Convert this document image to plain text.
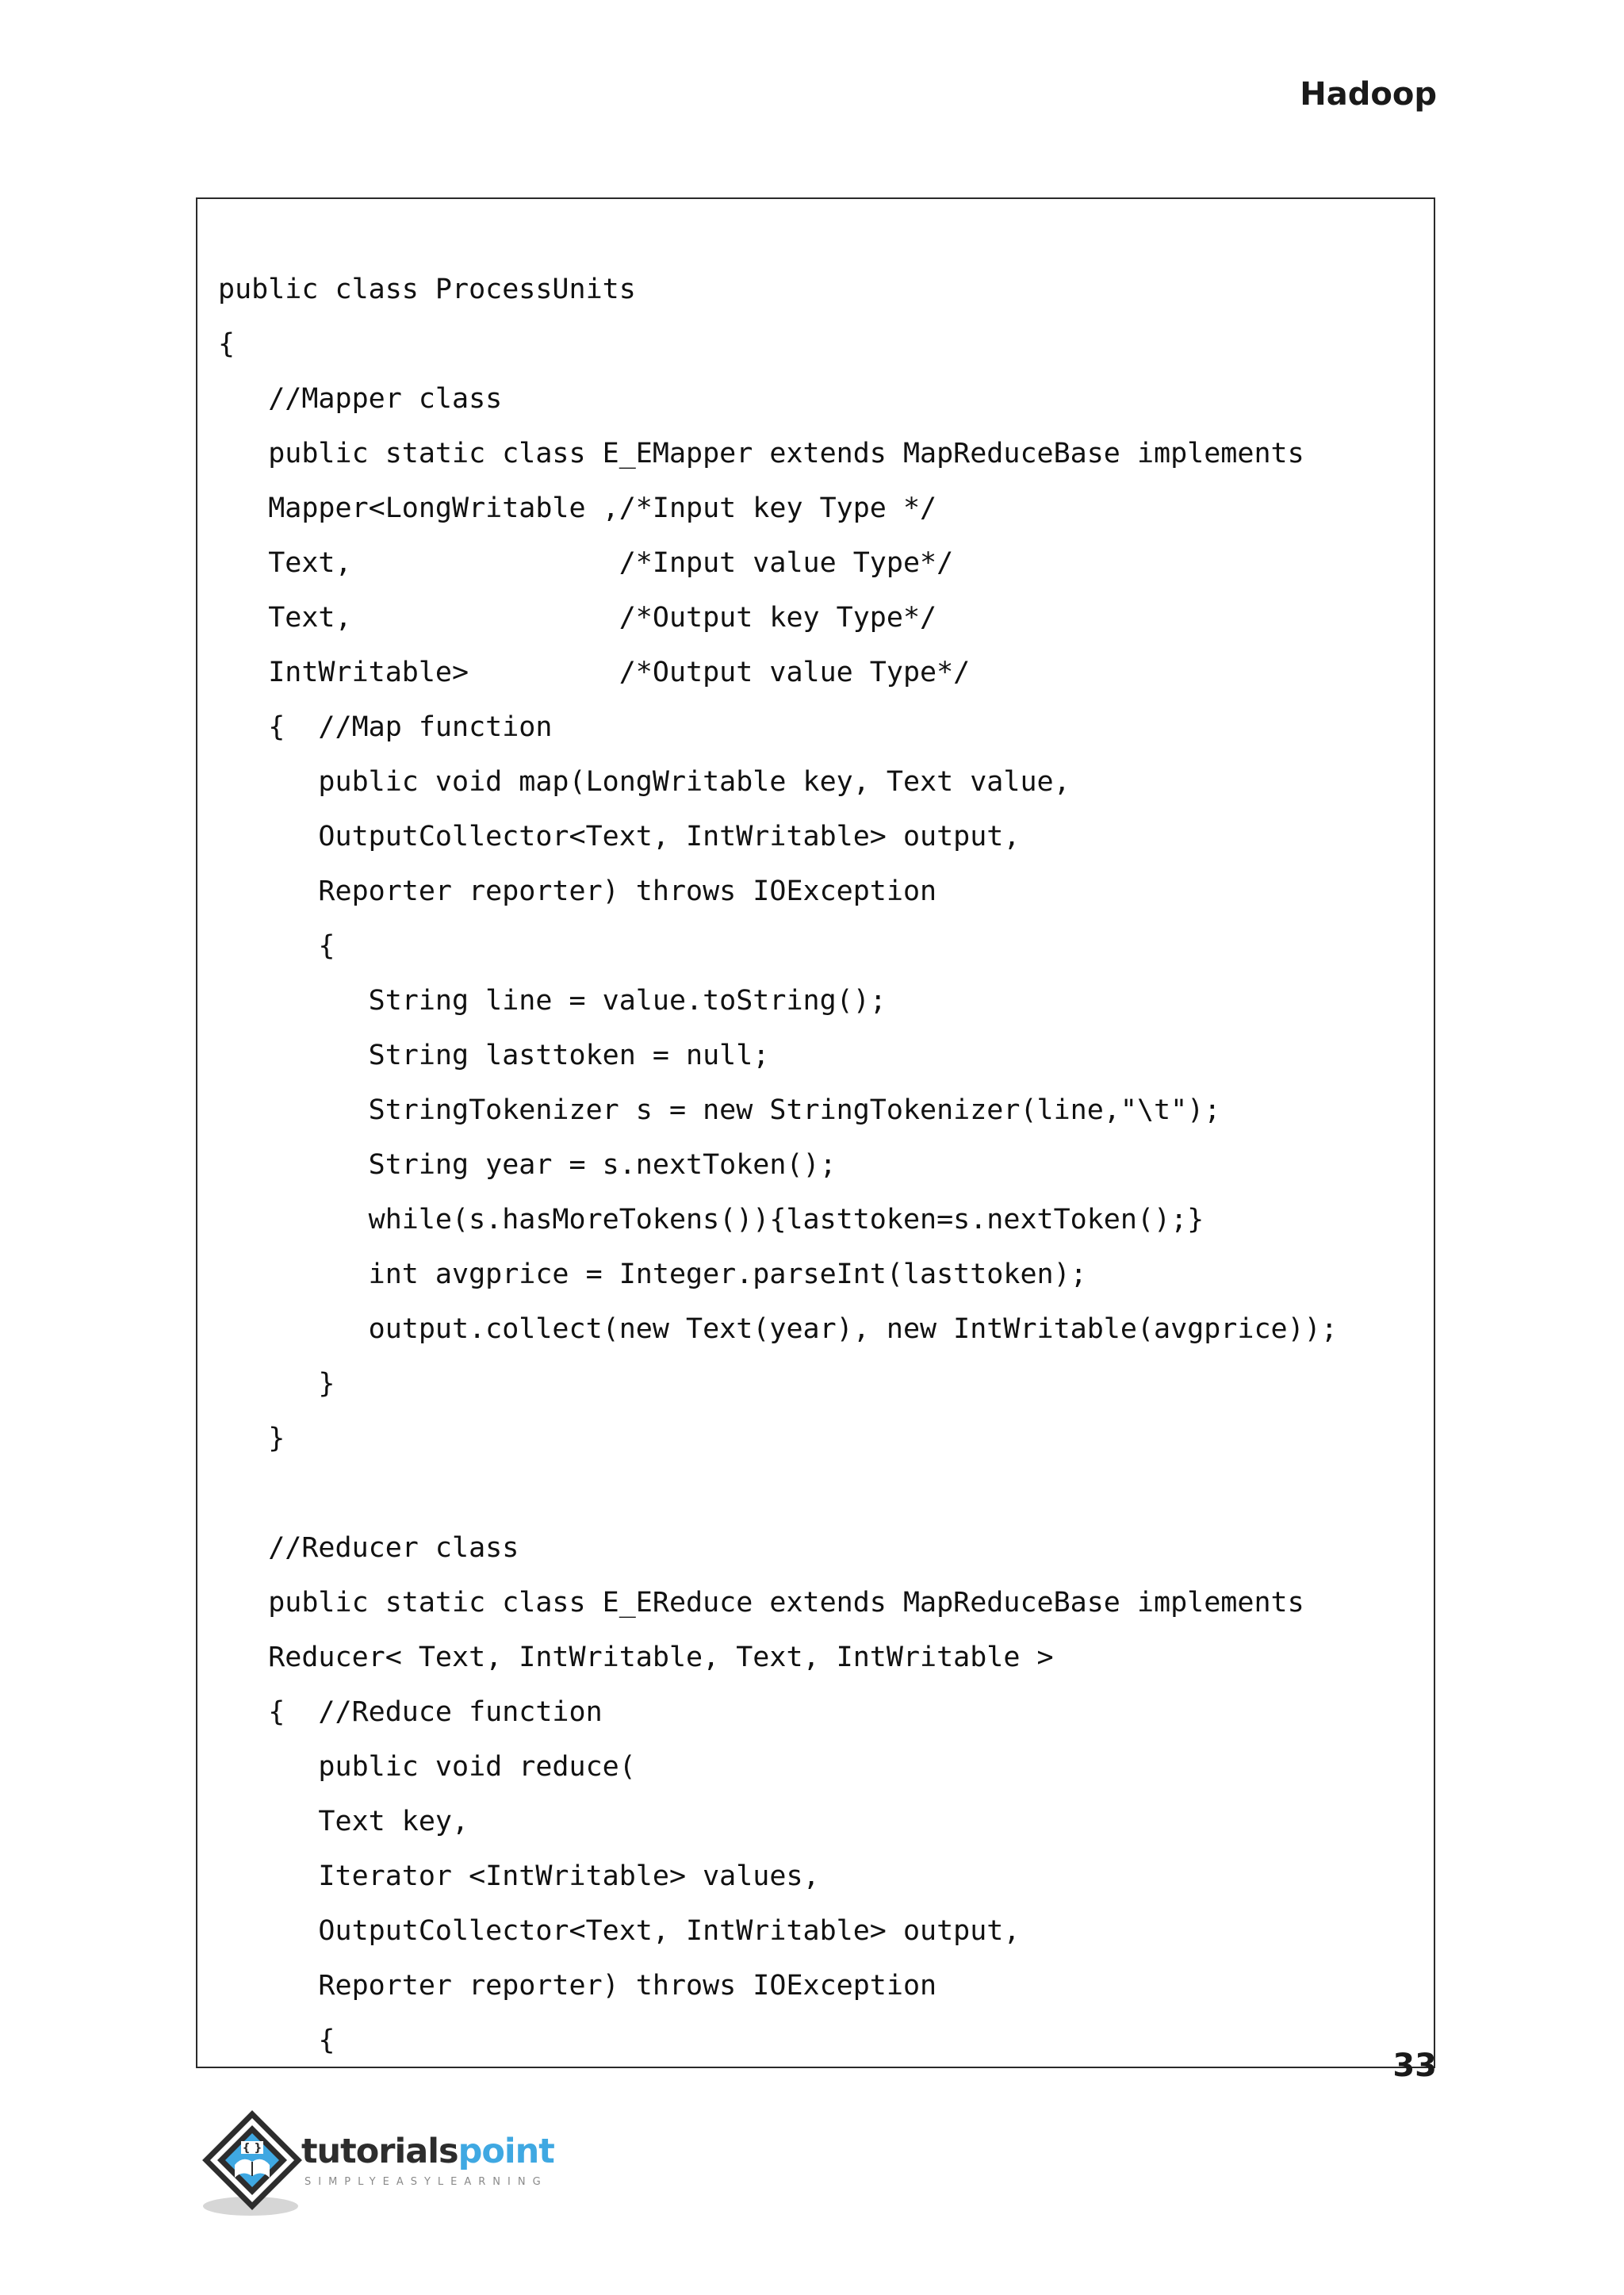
Hadoop
public class ProcessUnits
{
//Mapper class
public static class E_EMapper extends MapReduceBase implements
Mapper<LongWritable ,/*Input key Type */
Text,                /*Input value Type*/
Text,                /*Output key Type*/
IntWritable>         /*Output value Type*/
{  //Map function
public void map(LongWritable key, Text value,
OutputCollector<Text, IntWritable> output,
Reporter reporter) throws IOException
{
String line = value.toString();
String lasttoken = null;
StringTokenizer s = new StringTokenizer(line,"\t");
String year = s.nextToken();
while(s.hasMoreTokens()){lasttoken=s.nextToken();}
int avgprice = Integer.parseInt(lasttoken);
output.collect(new Text(year), new IntWritable(avgprice));
}
}
//Reducer class
public static class E_EReduce extends MapReduceBase implements
Reducer< Text, IntWritable, Text, IntWritable >
{  //Reduce function
public void reduce(
Text key,
Iterator <IntWritable> values,
OutputCollector<Text, IntWritable> output,
Reporter reporter) throws IOException
{
33
{ } tutorialspoint
SIMPLYEASYLEARNING
